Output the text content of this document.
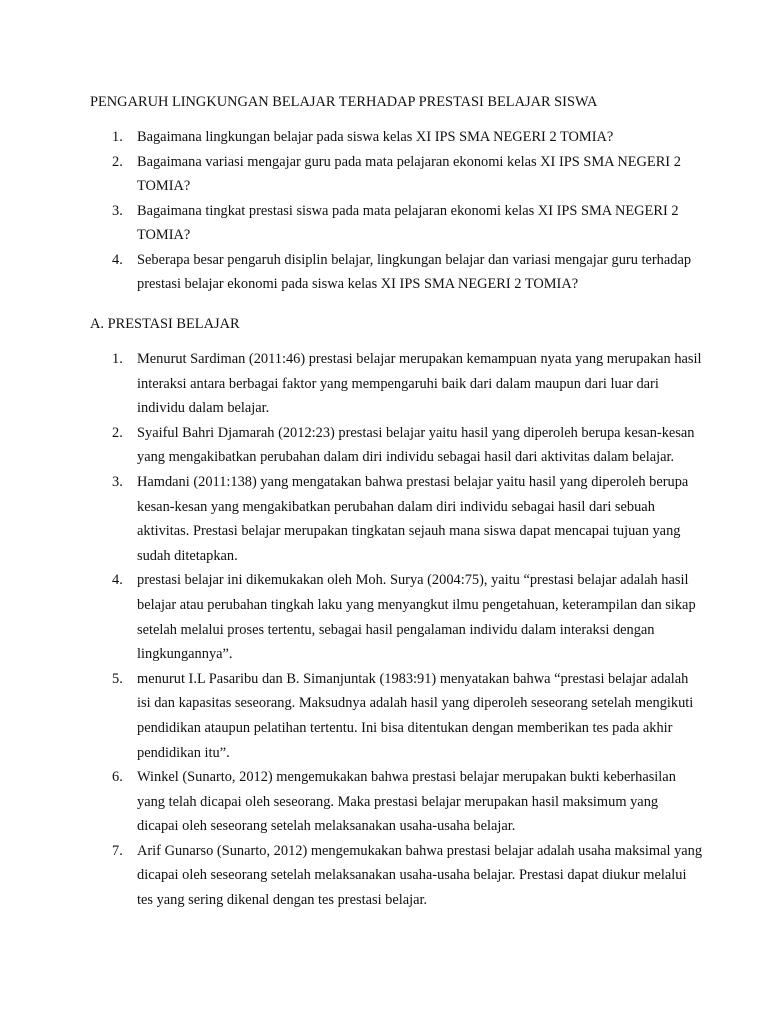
PENGARUH LINGKUNGAN BELAJAR TERHADAP PRESTASI BELAJAR SISWA
1. Bagaimana lingkungan belajar pada siswa kelas XI IPS SMA NEGERI 2 TOMIA?
2. Bagaimana variasi mengajar guru pada mata pelajaran ekonomi kelas XI IPS SMA NEGERI 2
TOMIA?
3. Bagaimana tingkat prestasi siswa pada mata pelajaran ekonomi kelas XI IPS SMA NEGERI 2
TOMIA?
4. Seberapa besar pengaruh disiplin belajar, lingkungan belajar dan variasi mengajar guru terhadap
prestasi belajar ekonomi pada siswa kelas XI IPS SMA NEGERI 2 TOMIA?
A. PRESTASI BELAJAR
1. Menurut Sardiman (2011:46) prestasi belajar merupakan kemampuan nyata yang merupakan hasil
interaksi antara berbagai faktor yang mempengaruhi baik dari dalam maupun dari luar dari
individu dalam belajar.
2. Syaiful Bahri Djamarah (2012:23) prestasi belajar yaitu hasil yang diperoleh berupa kesan-kesan
yang mengakibatkan perubahan dalam diri individu sebagai hasil dari aktivitas dalam belajar.
3. Hamdani (2011:138) yang mengatakan bahwa prestasi belajar yaitu hasil yang diperoleh berupa
kesan-kesan yang mengakibatkan perubahan dalam diri individu sebagai hasil dari sebuah
aktivitas. Prestasi belajar merupakan tingkatan sejauh mana siswa dapat mencapai tujuan yang
sudah ditetapkan.
4. prestasi belajar ini dikemukakan oleh Moh. Surya (2004:75), yaitu “prestasi belajar adalah hasil
belajar atau perubahan tingkah laku yang menyangkut ilmu pengetahuan, keterampilan dan sikap
setelah melalui proses tertentu, sebagai hasil pengalaman individu dalam interaksi dengan
lingkungannya”.
5. menurut I.L Pasaribu dan B. Simanjuntak (1983:91) menyatakan bahwa “prestasi belajar adalah
isi dan kapasitas seseorang. Maksudnya adalah hasil yang diperoleh seseorang setelah mengikuti
pendidikan ataupun pelatihan tertentu. Ini bisa ditentukan dengan memberikan tes pada akhir
pendidikan itu”.
6. Winkel (Sunarto, 2012) mengemukakan bahwa prestasi belajar merupakan bukti keberhasilan
yang telah dicapai oleh seseorang. Maka prestasi belajar merupakan hasil maksimum yang
dicapai oleh seseorang setelah melaksanakan usaha-usaha belajar.
7. Arif Gunarso (Sunarto, 2012) mengemukakan bahwa prestasi belajar adalah usaha maksimal yang
dicapai oleh seseorang setelah melaksanakan usaha-usaha belajar. Prestasi dapat diukur melalui
tes yang sering dikenal dengan tes prestasi belajar.
